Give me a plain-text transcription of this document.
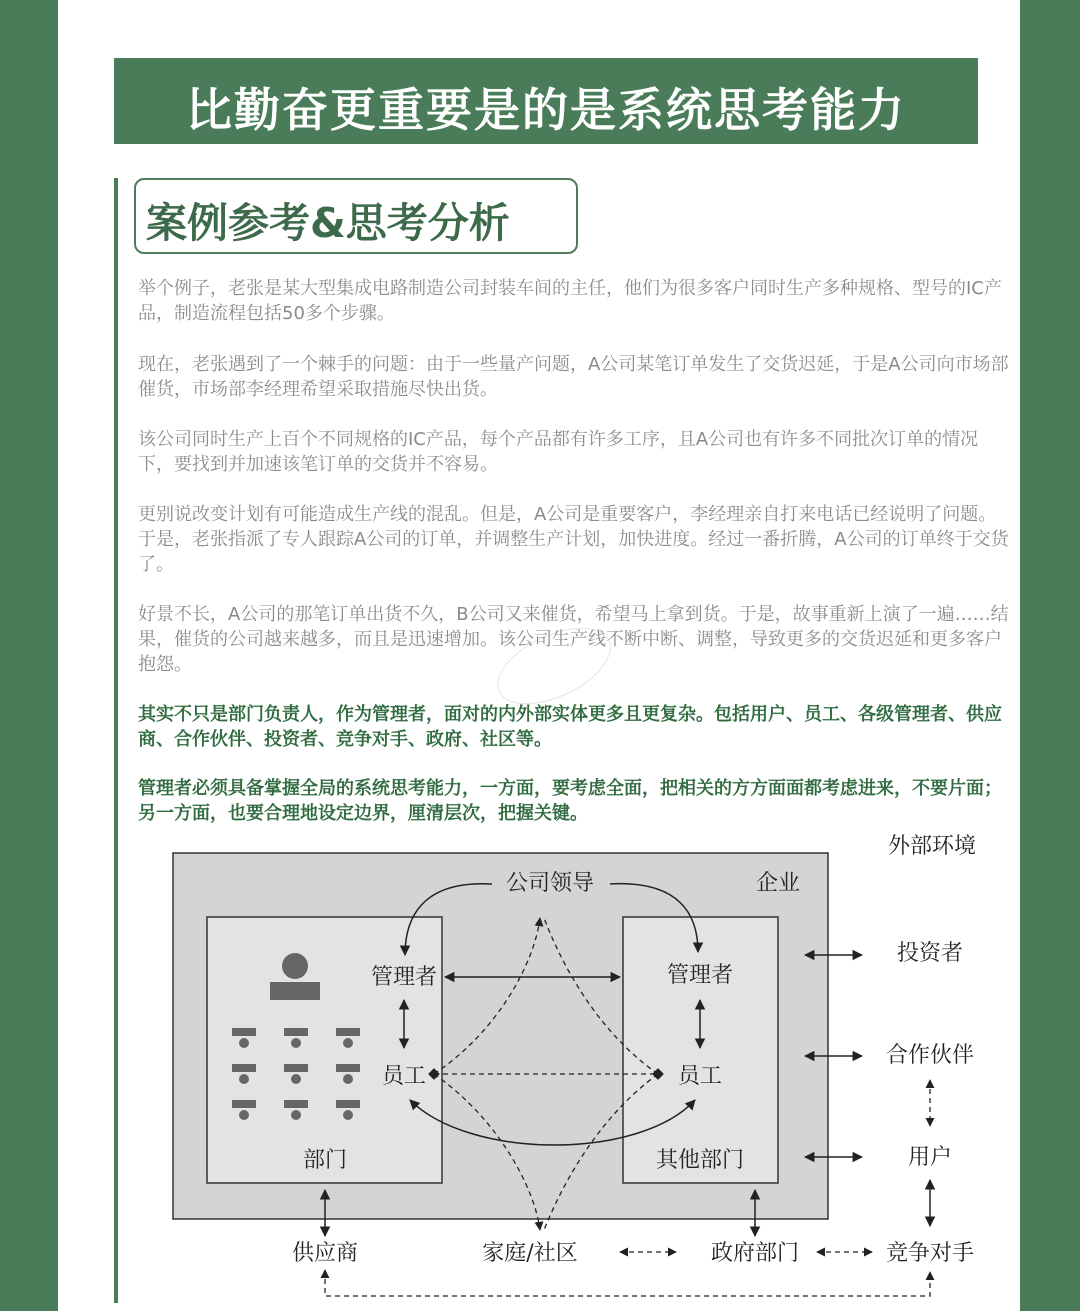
比勤奋更重要是的是系统思考能力
案例参考&思考分析

举个例子，老张是某大型集成电路制造公司封装车间的主任，他们为很多客户同时生产多种规格、型号的IC产品，制造流程包括50多个步骤。

现在，老张遇到了一个棘手的问题：由于一些量产问题，A公司某笔订单发生了交货迟延，于是A公司向市场部催货，市场部李经理希望采取措施尽快出货。

该公司同时生产上百个不同规格的IC产品，每个产品都有许多工序，且A公司也有许多不同批次订单的情况下，要找到并加速该笔订单的交货并不容易。

更别说改变计划有可能造成生产线的混乱。但是，A公司是重要客户，李经理亲自打来电话已经说明了问题。于是，老张指派了专人跟踪A公司的订单，并调整生产计划，加快进度。经过一番折腾，A公司的订单终于交货了。

好景不长，A公司的那笔订单出货不久，B公司又来催货，希望马上拿到货。于是，故事重新上演了一遍……结果，催货的公司越来越多，而且是迅速增加。该公司生产线不断中断、调整，导致更多的交货迟延和更多客户抱怨。

其实不只是部门负责人，作为管理者，面对的内外部实体更多且更复杂。包括用户、员工、各级管理者、供应商、合作伙伴、投资者、竞争对手、政府、社区等。

管理者必须具备掌握全局的系统思考能力，一方面，要考虑全面，把相关的方方面面都考虑进来，不要片面；另一方面，也要合理地设定边界，厘清层次，把握关键。

外部环境
企业
公司领导
管理者	管理者
员工	员工
部门	其他部门
投资者
合作伙伴
用户
供应商	家庭/社区	政府部门	竞争对手
